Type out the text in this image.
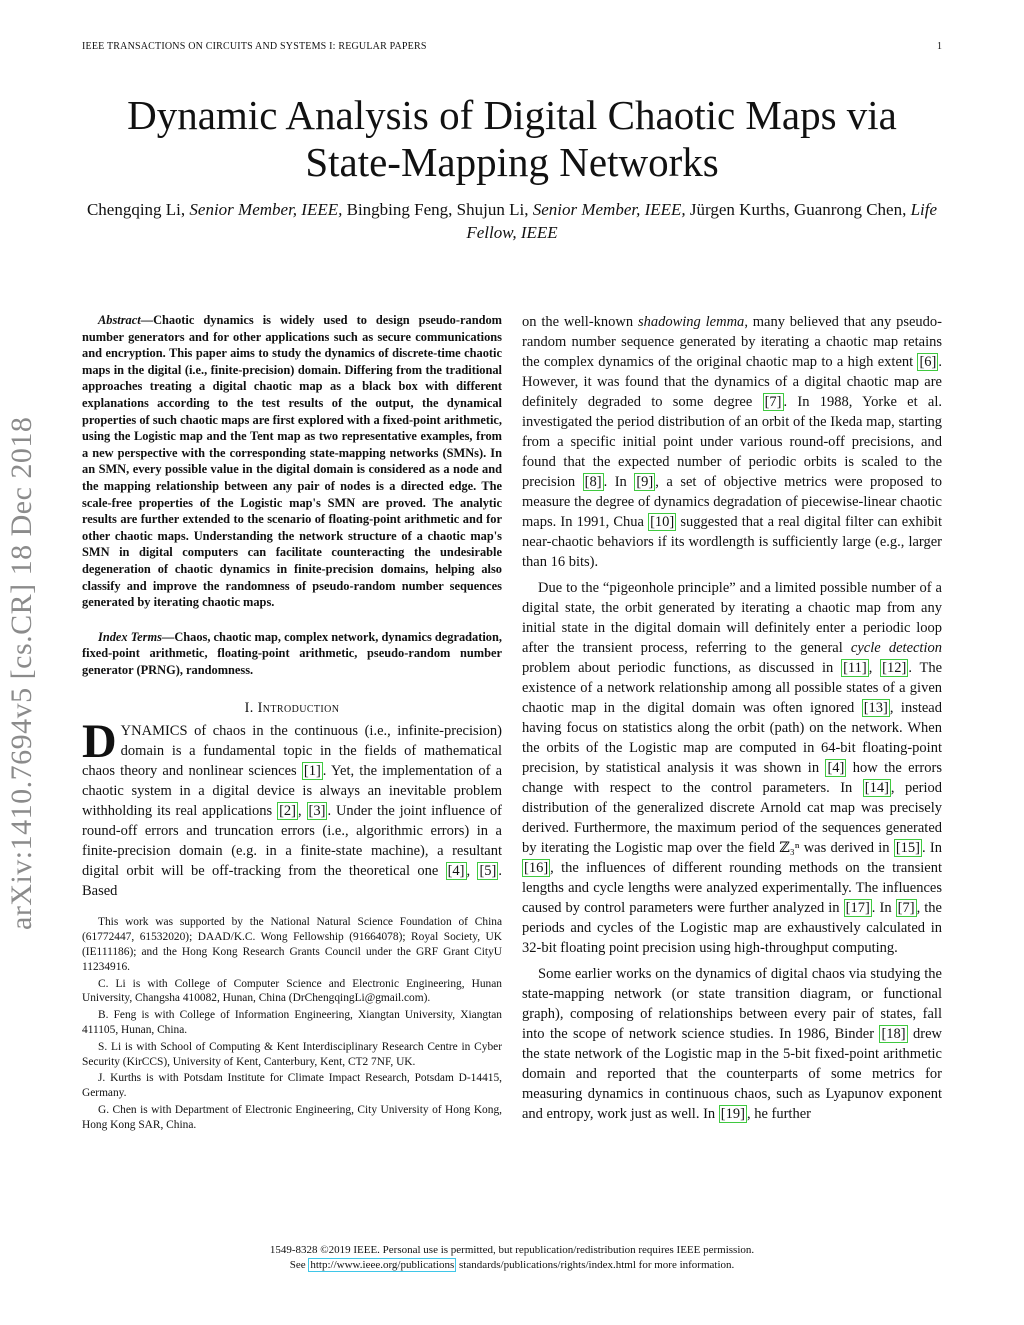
IEEE TRANSACTIONS ON CIRCUITS AND SYSTEMS I: REGULAR PAPERS	1
arXiv:1410.7694v5 [cs.CR] 18 Dec 2018
Dynamic Analysis of Digital Chaotic Maps via State-Mapping Networks
Chengqing Li, Senior Member, IEEE, Bingbing Feng, Shujun Li, Senior Member, IEEE, Jürgen Kurths, Guanrong Chen, Life Fellow, IEEE

Abstract—Chaotic dynamics is widely used to design pseudo-random number generators and for other applications such as secure communications and encryption. This paper aims to study the dynamics of discrete-time chaotic maps in the digital (i.e., finite-precision) domain. Differing from the traditional approaches treating a digital chaotic map as a black box with different explanations according to the test results of the output, the dynamical properties of such chaotic maps are first explored with a fixed-point arithmetic, using the Logistic map and the Tent map as two representative examples, from a new perspective with the corresponding state-mapping networks (SMNs). In an SMN, every possible value in the digital domain is considered as a node and the mapping relationship between any pair of nodes is a directed edge. The scale-free properties of the Logistic map's SMN are proved. The analytic results are further extended to the scenario of floating-point arithmetic and for other chaotic maps. Understanding the network structure of a chaotic map's SMN in digital computers can facilitate counteracting the undesirable degeneration of chaotic dynamics in finite-precision domains, helping also classify and improve the randomness of pseudo-random number sequences generated by iterating chaotic maps.

Index Terms—Chaos, chaotic map, complex network, dynamics degradation, fixed-point arithmetic, floating-point arithmetic, pseudo-random number generator (PRNG), randomness.

I. Introduction

DYNAMICS of chaos in the continuous (i.e., infinite-precision) domain is a fundamental topic in the fields of mathematical chaos theory and nonlinear sciences [1] . Yet, the implementation of a chaotic system in a digital device is always an inevitable problem withholding its real applications [2] , [3] . Under the joint influence of round-off errors and truncation errors (i.e., algorithmic errors) in a finite-precision domain (e.g. in a finite-state machine), a resultant digital orbit will be off-tracking from the theoretical one [4] , [5] . Based

This work was supported by the National Natural Science Foundation of China (61772447, 61532020); DAAD/K.C. Wong Fellowship (91664078); Royal Society, UK (IE111186); and the Hong Kong Research Grants Council under the GRF Grant CityU 11234916.

C. Li is with College of Computer Science and Electronic Engineering, Hunan University, Changsha 410082, Hunan, China (DrChengqingLi@gmail.com).

B. Feng is with College of Information Engineering, Xiangtan University, Xiangtan 411105, Hunan, China.

S. Li is with School of Computing & Kent Interdisciplinary Research Centre in Cyber Security (KirCCS), University of Kent, Canterbury, Kent, CT2 7NF, UK.

J. Kurths is with Potsdam Institute for Climate Impact Research, Potsdam D-14415, Germany.

G. Chen is with Department of Electronic Engineering, City University of Hong Kong, Hong Kong SAR, China.

on the well-known shadowing lemma, many believed that any pseudo-random number sequence generated by iterating a chaotic map retains the complex dynamics of the original chaotic map to a high extent [6] . However, it was found that the dynamics of a digital chaotic map are definitely degraded to some degree [7] . In 1988, Yorke et al. investigated the period distribution of an orbit of the Ikeda map, starting from a specific initial point under various round-off precisions, and found that the expected number of periodic orbits is scaled to the precision [8] . In [9] , a set of objective metrics were proposed to measure the degree of dynamics degradation of piecewise-linear chaotic maps. In 1991, Chua [10] suggested that a real digital filter can exhibit near-chaotic behaviors if its wordlength is sufficiently large (e.g., larger than 16 bits).

Due to the “pigeonhole principle” and a limited possible number of a digital state, the orbit generated by iterating a chaotic map from any initial state in the digital domain will definitely enter a periodic loop after the transient process, referring to the general cycle detection problem about periodic functions, as discussed in [11] , [12] . The existence of a network relationship among all possible states of a given chaotic map in the digital domain was often ignored [13] , instead having focus on statistics along the orbit (path) on the network. When the orbits of the Logistic map are computed in 64-bit floating-point precision, by statistical analysis it was shown in [4] how the errors change with respect to the control parameters. In [14] , period distribution of the generalized discrete Arnold cat map was precisely derived. Furthermore, the maximum period of the sequences generated by iterating the Logistic map over the field ℤ₃ⁿ was derived in [15] . In [16] , the influences of different rounding methods on the transient lengths and cycle lengths were analyzed experimentally. The influences caused by control parameters were further analyzed in [17] . In [7] , the periods and cycles of the Logistic map are exhaustively calculated in 32-bit floating point precision using high-throughput computing.

Some earlier works on the dynamics of digital chaos via studying the state-mapping network (or state transition diagram, or functional graph), composing of relationships between every pair of states, fall into the scope of network science studies. In 1986, Binder [18] drew the state network of the Logistic map in the 5-bit fixed-point arithmetic domain and reported that the counterparts of some metrics for measuring dynamics in continuous chaos, such as Lyapunov exponent and entropy, work just as well. In [19] , he further

1549-8328 ©2019 IEEE. Personal use is permitted, but republication/redistribution requires IEEE permission.
See http://www.ieee.org/publications standards/publications/rights/index.html for more information.
